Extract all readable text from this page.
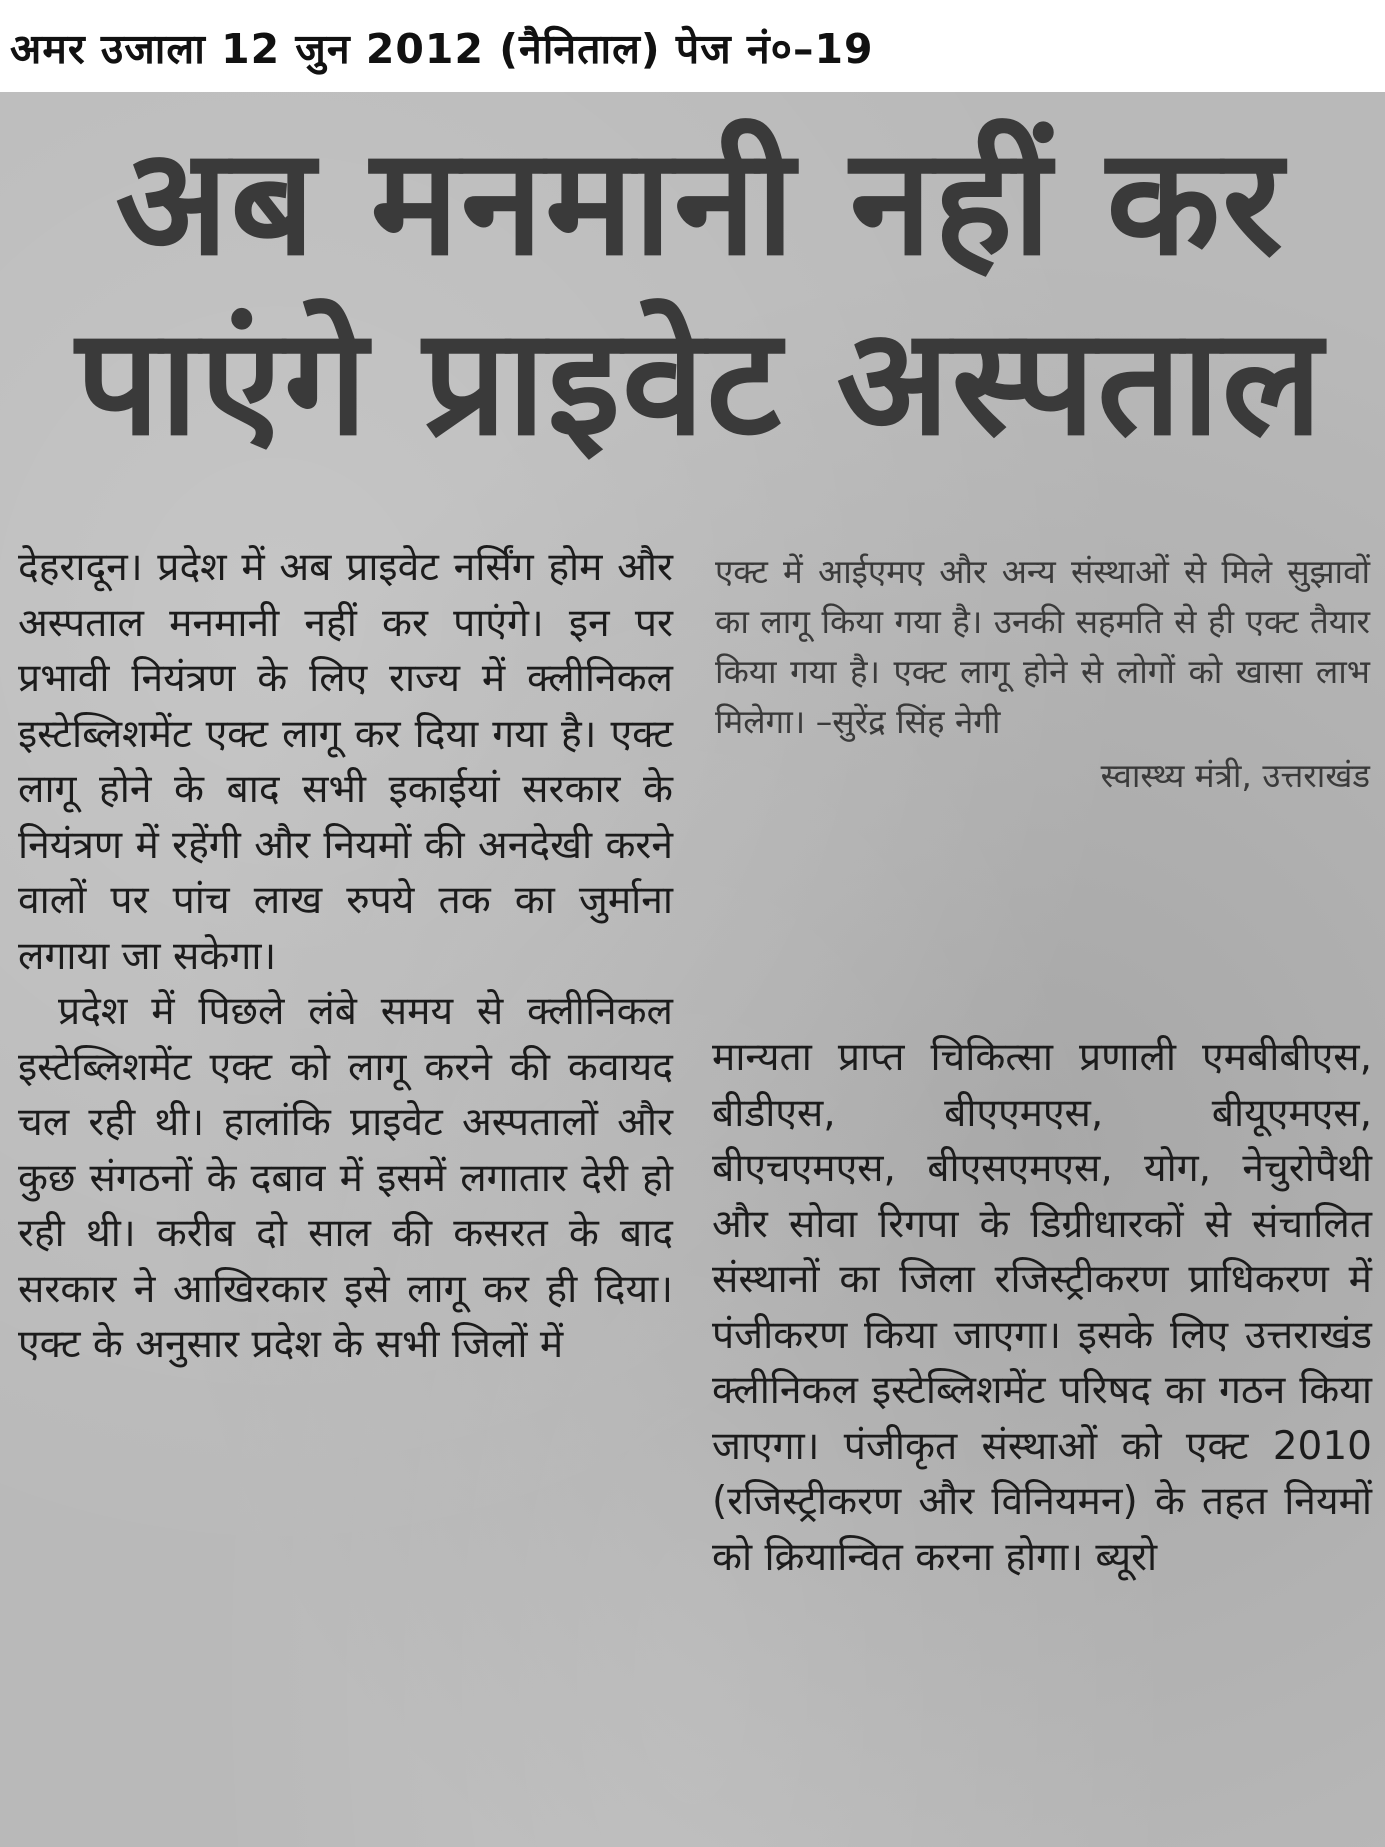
अमर उजाला 12 जुन 2012 (नैनिताल) पेज नं०–19
अब मनमानी नहीं कर
पाएंगे प्राइवेट अस्पताल

देहरादून। प्रदेश में अब प्राइवेट नर्सिंग होम और अस्पताल मनमानी नहीं कर पाएंगे। इन पर प्रभावी नियंत्रण के लिए राज्य में क्लीनिकल इस्टेब्लिशमेंट एक्ट लागू कर दिया गया है। एक्ट लागू होने के बाद सभी इकाईयां सरकार के नियंत्रण में रहेंगी और नियमों की अनदेखी करने वालों पर पांच लाख रुपये तक का जुर्माना लगाया जा सकेगा।

प्रदेश में पिछले लंबे समय से क्लीनिकल इस्टेब्लिशमेंट एक्ट को लागू करने की कवायद चल रही थी। हालांकि प्राइवेट अस्पतालों और कुछ संगठनों के दबाव में इसमें लगातार देरी हो रही थी। करीब दो साल की कसरत के बाद सरकार ने आखिरकार इसे लागू कर ही दिया। एक्ट के अनुसार प्रदेश के सभी जिलों में

एक्ट में आईएमए और अन्य संस्थाओं से मिले सुझावों का लागू किया गया है। उनकी सहमति से ही एक्ट तैयार किया गया है। एक्ट लागू होने से लोगों को खासा लाभ मिलेगा। –सुरेंद्र सिंह नेगी

स्वास्थ्य मंत्री, उत्तराखंड

मान्यता प्राप्त चिकित्सा प्रणाली एमबीबीएस, बीडीएस, बीएएमएस, बीयूएमएस, बीएचएमएस, बीएसएमएस, योग, नेचुरोपैथी और सोवा रिगपा के डिग्रीधारकों से संचालित संस्थानों का जिला रजिस्ट्रीकरण प्राधिकरण में पंजीकरण किया जाएगा। इसके लिए उत्तराखंड क्लीनिकल इस्टेब्लिशमेंट परिषद का गठन किया जाएगा। पंजीकृत संस्थाओं को एक्ट 2010 (रजिस्ट्रीकरण और विनियमन) के तहत नियमों को क्रियान्वित करना होगा। ब्यूरो
